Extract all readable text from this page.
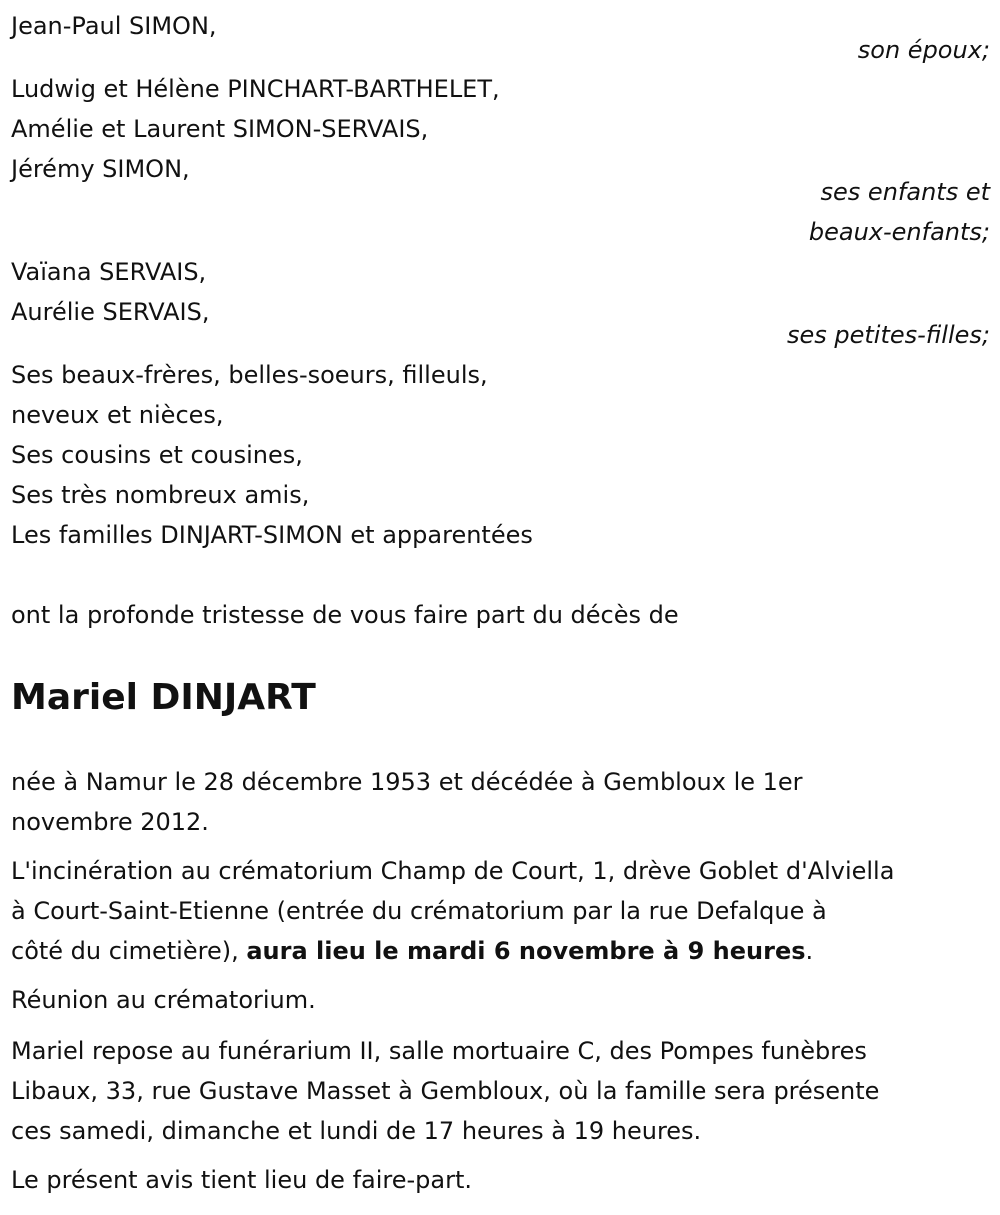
Jean-Paul SIMON,
son époux;
Ludwig et Hélène PINCHART-BARTHELET,
Amélie et Laurent SIMON-SERVAIS,
Jérémy SIMON,
ses enfants et
beaux-enfants;
Vaïana SERVAIS,
Aurélie SERVAIS,
ses petites-filles;
Ses beaux-frères, belles-soeurs, filleuls,
neveux et nièces,
Ses cousins et cousines,
Ses très nombreux amis,
Les familles DINJART-SIMON et apparentées
ont la profonde tristesse de vous faire part du décès de
Mariel DINJART
née à Namur le 28 décembre 1953 et décédée à Gembloux le 1er
novembre 2012.
L'incinération au crématorium Champ de Court, 1, drève Goblet d'Alviella
à Court-Saint-Etienne (entrée du crématorium par la rue Defalque à
côté du cimetière), aura lieu le mardi 6 novembre à 9 heures.
Réunion au crématorium.
Mariel repose au funérarium II, salle mortuaire C, des Pompes funèbres
Libaux, 33, rue Gustave Masset à Gembloux, où la famille sera présente
ces samedi, dimanche et lundi de 17 heures à 19 heures.
Le présent avis tient lieu de faire-part.
